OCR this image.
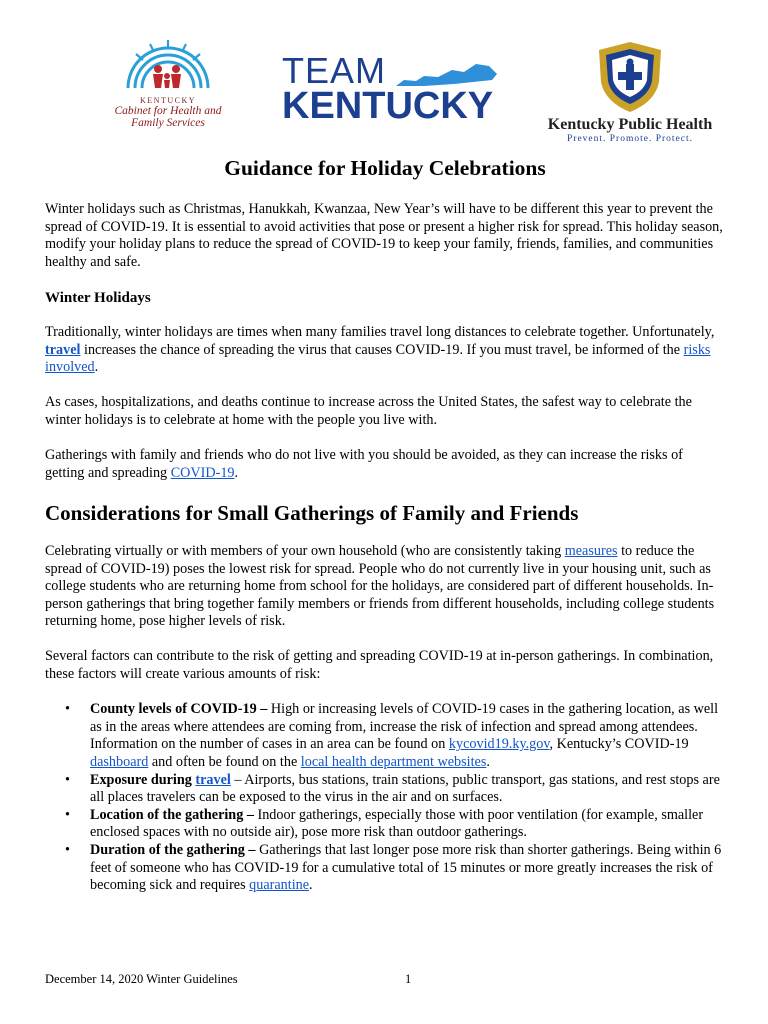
KENTUCKY
Cabinet for Health and
Family Services
TEAM
KENTUCKY	Kentucky Public Health
Prevent. Promote. Protect.
Guidance for Holiday Celebrations

Winter holidays such as Christmas, Hanukkah, Kwanzaa, New Year’s will have to be different this year to prevent the spread of COVID-19. It is essential to avoid activities that pose or present a higher risk for spread. This holiday season, modify your holiday plans to reduce the spread of COVID-19 to keep your family, friends, families, and communities healthy and safe.

Winter Holidays

Traditionally, winter holidays are times when many families travel long distances to celebrate together. Unfortunately, travel increases the chance of spreading the virus that causes COVID-19. If you must travel, be informed of the risks involved.

As cases, hospitalizations, and deaths continue to increase across the United States, the safest way to celebrate the winter holidays is to celebrate at home with the people you live with.

Gatherings with family and friends who do not live with you should be avoided, as they can increase the risks of getting and spreading COVID-19.

Considerations for Small Gatherings of Family and Friends

Celebrating virtually or with members of your own household (who are consistently taking measures to reduce the spread of COVID-19) poses the lowest risk for spread. People who do not currently live in your housing unit, such as college students who are returning home from school for the holidays, are considered part of different households. In-person gatherings that bring together family members or friends from different households, including college students returning home, pose higher levels of risk.

Several factors can contribute to the risk of getting and spreading COVID-19 at in-person gatherings. In combination, these factors will create various amounts of risk:

• County levels of COVID-19 – High or increasing levels of COVID-19 cases in the gathering location, as well as in the areas where attendees are coming from, increase the risk of infection and spread among attendees. Information on the number of cases in an area can be found on kycovid19.ky.gov, Kentucky’s COVID-19 dashboard and often be found on the local health department websites.
• Exposure during travel – Airports, bus stations, train stations, public transport, gas stations, and rest stops are all places travelers can be exposed to the virus in the air and on surfaces.
• Location of the gathering – Indoor gatherings, especially those with poor ventilation (for example, smaller enclosed spaces with no outside air), pose more risk than outdoor gatherings.
• Duration of the gathering – Gatherings that last longer pose more risk than shorter gatherings. Being within 6 feet of someone who has COVID-19 for a cumulative total of 15 minutes or more greatly increases the risk of becoming sick and requires quarantine.
December 14, 2020 Winter Guidelines	1
